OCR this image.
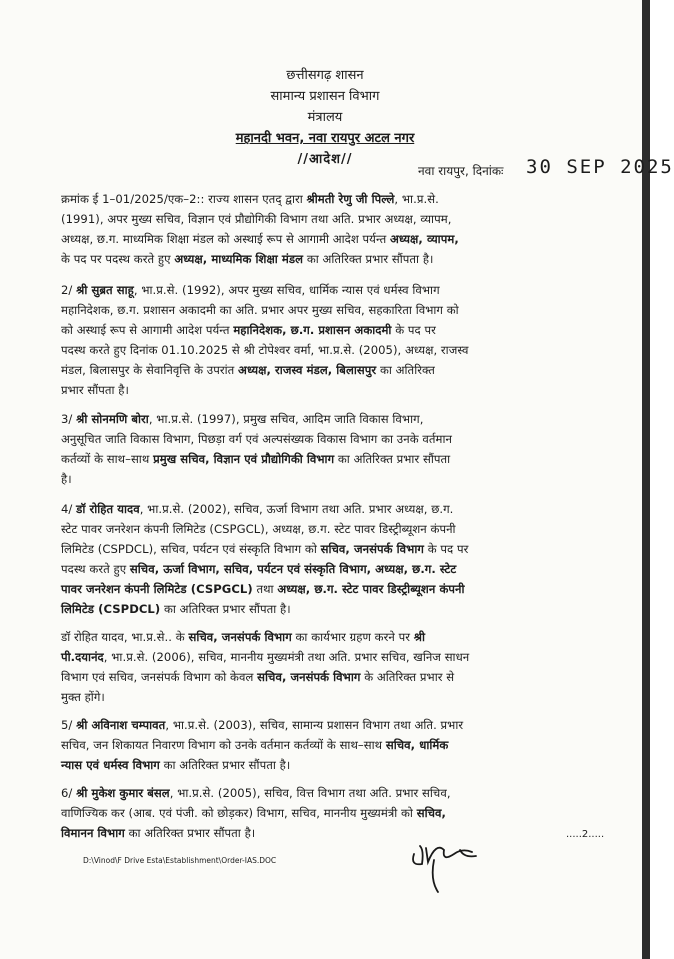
छत्तीसगढ़ शासन
सामान्य प्रशासन विभाग
मंत्रालय
महानदी भवन, नवा रायपुर अटल नगर
//आदेश//
नवा रायपुर, दिनांकः 30 SEP 2025
क्रमांक ई 1–01/2025/एक–2:: राज्य शासन एतद् द्वारा श्रीमती रेणु जी पिल्ले, भा.प्र.से.
(1991), अपर मुख्य सचिव, विज्ञान एवं प्रौद्योगिकी विभाग तथा अति. प्रभार अध्यक्ष, व्यापम,
अध्यक्ष, छ.ग. माध्यमिक शिक्षा मंडल को अस्थाई रूप से आगामी आदेश पर्यन्त अध्यक्ष, व्यापम,
के पद पर पदस्थ करते हुए अध्यक्ष, माध्यमिक शिक्षा मंडल का अतिरिक्त प्रभार सौंपता है।
2/ श्री सुब्रत साहू, भा.प्र.से. (1992), अपर मुख्य सचिव, धार्मिक न्यास एवं धर्मस्व विभाग
महानिदेशक, छ.ग. प्रशासन अकादमी का अति. प्रभार अपर मुख्य सचिव, सहकारिता विभाग को
को अस्थाई रूप से आगामी आदेश पर्यन्त महानिदेशक, छ.ग. प्रशासन अकादमी के पद पर
पदस्थ करते हुए दिनांक 01.10.2025 से श्री टोपेश्वर वर्मा, भा.प्र.से. (2005), अध्यक्ष, राजस्व
मंडल, बिलासपुर के सेवानिवृत्ति के उपरांत अध्यक्ष, राजस्व मंडल, बिलासपुर का अतिरिक्त
प्रभार सौंपता है।
3/ श्री सोनमणि बोरा, भा.प्र.से. (1997), प्रमुख सचिव, आदिम जाति विकास विभाग,
अनुसूचित जाति विकास विभाग, पिछड़ा वर्ग एवं अल्पसंख्यक विकास विभाग का उनके वर्तमान
कर्तव्यों के साथ–साथ प्रमुख सचिव, विज्ञान एवं प्रौद्योगिकी विभाग का अतिरिक्त प्रभार सौंपता
है।
4/ डॉ रोहित यादव, भा.प्र.से. (2002), सचिव, ऊर्जा विभाग तथा अति. प्रभार अध्यक्ष, छ.ग.
स्टेट पावर जनरेशन कंपनी लिमिटेड (CSPGCL), अध्यक्ष, छ.ग. स्टेट पावर डिस्ट्रीब्यूशन कंपनी
लिमिटेड (CSPDCL), सचिव, पर्यटन एवं संस्कृति विभाग को सचिव, जनसंपर्क विभाग के पद पर
पदस्थ करते हुए सचिव, ऊर्जा विभाग, सचिव, पर्यटन एवं संस्कृति विभाग, अध्यक्ष, छ.ग. स्टेट
पावर जनरेशन कंपनी लिमिटेड (CSPGCL) तथा अध्यक्ष, छ.ग. स्टेट पावर डिस्ट्रीब्यूशन कंपनी
लिमिटेड (CSPDCL) का अतिरिक्त प्रभार सौंपता है।
डॉ रोहित यादव, भा.प्र.से.. के सचिव, जनसंपर्क विभाग का कार्यभार ग्रहण करने पर श्री
पी.दयानंद, भा.प्र.से. (2006), सचिव, माननीय मुख्यमंत्री तथा अति. प्रभार सचिव, खनिज साधन
विभाग एवं सचिव, जनसंपर्क विभाग को केवल सचिव, जनसंपर्क विभाग के अतिरिक्त प्रभार से
मुक्त होंगे।
5/ श्री अविनाश चम्पावत, भा.प्र.से. (2003), सचिव, सामान्य प्रशासन विभाग तथा अति. प्रभार
सचिव, जन शिकायत निवारण विभाग को उनके वर्तमान कर्तव्यों के साथ–साथ सचिव, धार्मिक
न्यास एवं धर्मस्व विभाग का अतिरिक्त प्रभार सौंपता है।
6/ श्री मुकेश कुमार बंसल, भा.प्र.से. (2005), सचिव, वित्त विभाग तथा अति. प्रभार सचिव,
वाणिज्यिक कर (आब. एवं पंजी. को छोड़कर) विभाग, सचिव, माननीय मुख्यमंत्री को सचिव,
विमानन विभाग का अतिरिक्त प्रभार सौंपता है।	.....2.....
D:\Vinod\F Drive Esta\Establishment\Order-IAS.DOC
